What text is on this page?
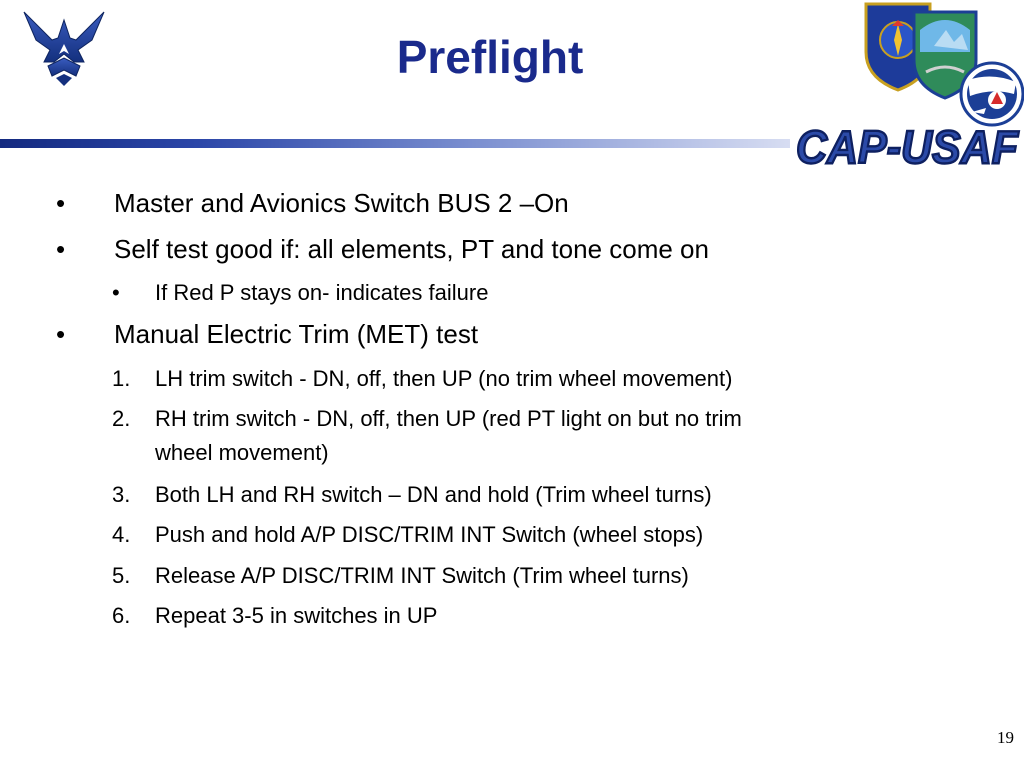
Preflight
CAP-USAF
• Master and Avionics Switch BUS 2 –On
• Self test good if: all elements, PT and tone come on
• If Red P stays on- indicates failure
• Manual Electric Trim (MET) test
1. LH trim switch - DN, off, then UP (no trim wheel movement)
2. RH trim switch - DN, off, then UP (red PT light on but no trim
wheel movement)
3. Both LH and RH switch – DN and hold (Trim wheel turns)
4. Push and hold A/P DISC/TRIM INT Switch (wheel stops)
5. Release A/P DISC/TRIM INT Switch (Trim wheel turns)
6. Repeat 3-5 in switches in UP
19
